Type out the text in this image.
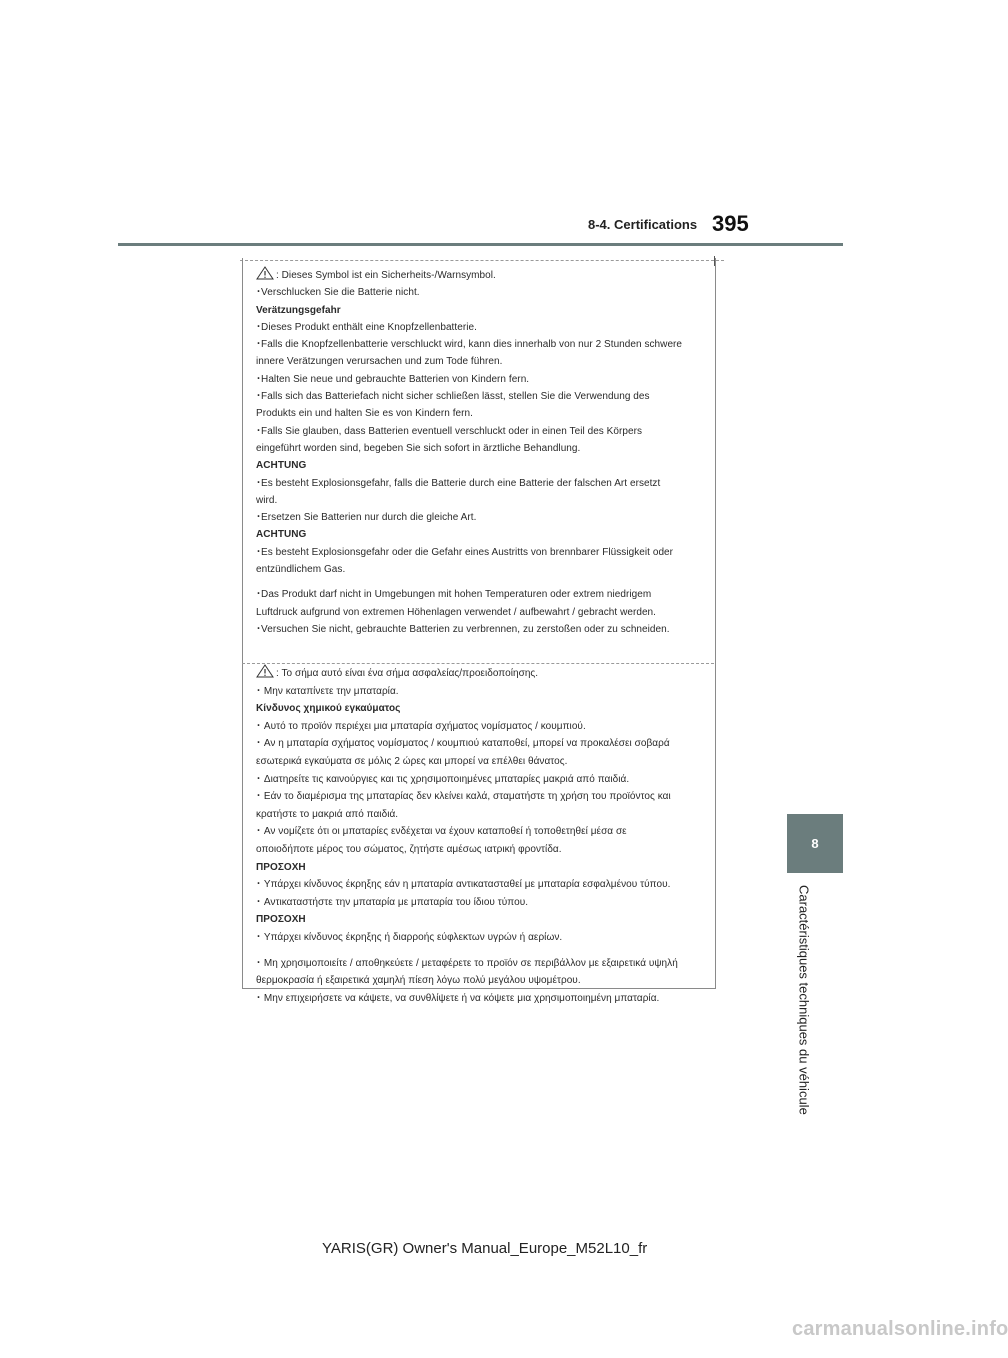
8-4. Certifications 395
8
Caractéristiques techniques du véhicule
: Dieses Symbol ist ein Sicherheits-/Warnsymbol.
･Verschlucken Sie die Batterie nicht.
Verätzungsgefahr
･Dieses Produkt enthält eine Knopfzellenbatterie.
･Falls die Knopfzellenbatterie verschluckt wird, kann dies innerhalb von nur 2 Stunden schwere
innere Verätzungen verursachen und zum Tode führen.
･Halten Sie neue und gebrauchte Batterien von Kindern fern.
･Falls sich das Batteriefach nicht sicher schließen lässt, stellen Sie die Verwendung des
Produkts ein und halten Sie es von Kindern fern.
･Falls Sie glauben, dass Batterien eventuell verschluckt oder in einen Teil des Körpers
eingeführt worden sind, begeben Sie sich sofort in ärztliche Behandlung.
ACHTUNG
･Es besteht Explosionsgefahr, falls die Batterie durch eine Batterie der falschen Art ersetzt
wird.
･Ersetzen Sie Batterien nur durch die gleiche Art.
ACHTUNG
･Es besteht Explosionsgefahr oder die Gefahr eines Austritts von brennbarer Flüssigkeit oder
entzündlichem Gas.
･Das Produkt darf nicht in Umgebungen mit hohen Temperaturen oder extrem niedrigem
Luftdruck aufgrund von extremen Höhenlagen verwendet / aufbewahrt / gebracht werden.
･Versuchen Sie nicht, gebrauchte Batterien zu verbrennen, zu zerstoßen oder zu schneiden.
: Το σήμα αυτό είναι ένα σήμα ασφαλείας/προειδοποίησης.
･ Μην καταπίνετε την μπαταρία.
Κίνδυνος χημικού εγκαύματος
･ Αυτό το προϊόν περιέχει μια μπαταρία σχήματος νομίσματος / κουμπιού.
･ Αν η μπαταρία σχήματος νομίσματος / κουμπιού καταποθεί, μπορεί να προκαλέσει σοβαρά
εσωτερικά εγκαύματα σε μόλις 2 ώρες και μπορεί να επέλθει θάνατος.
･ Διατηρείτε τις καινούργιες και τις χρησιμοποιημένες μπαταρίες μακριά από παιδιά.
･ Εάν το διαμέρισμα της μπαταρίας δεν κλείνει καλά, σταματήστε τη χρήση του προϊόντος και
κρατήστε το μακριά από παιδιά.
･ Αν νομίζετε ότι οι μπαταρίες ενδέχεται να έχουν καταποθεί ή τοποθετηθεί μέσα σε
οποιοδήποτε μέρος του σώματος, ζητήστε αμέσως ιατρική φροντίδα.
ΠΡΟΣΟΧΗ
･ Υπάρχει κίνδυνος έκρηξης εάν η μπαταρία αντικατασταθεί με μπαταρία εσφαλμένου τύπου.
･ Αντικαταστήστε την μπαταρία με μπαταρία του ίδιου τύπου.
ΠΡΟΣΟΧΗ
･ Υπάρχει κίνδυνος έκρηξης ή διαρροής εύφλεκτων υγρών ή αερίων.
･ Μη χρησιμοποιείτε / αποθηκεύετε / μεταφέρετε το προϊόν σε περιβάλλον με εξαιρετικά υψηλή
θερμοκρασία ή εξαιρετικά χαμηλή πίεση λόγω πολύ μεγάλου υψομέτρου.
･ Μην επιχειρήσετε να κάψετε, να συνθλίψετε ή να κόψετε μια χρησιμοποιημένη μπαταρία.
YARIS(GR) Owner's Manual_Europe_M52L10_fr
carmanualsonline.info
